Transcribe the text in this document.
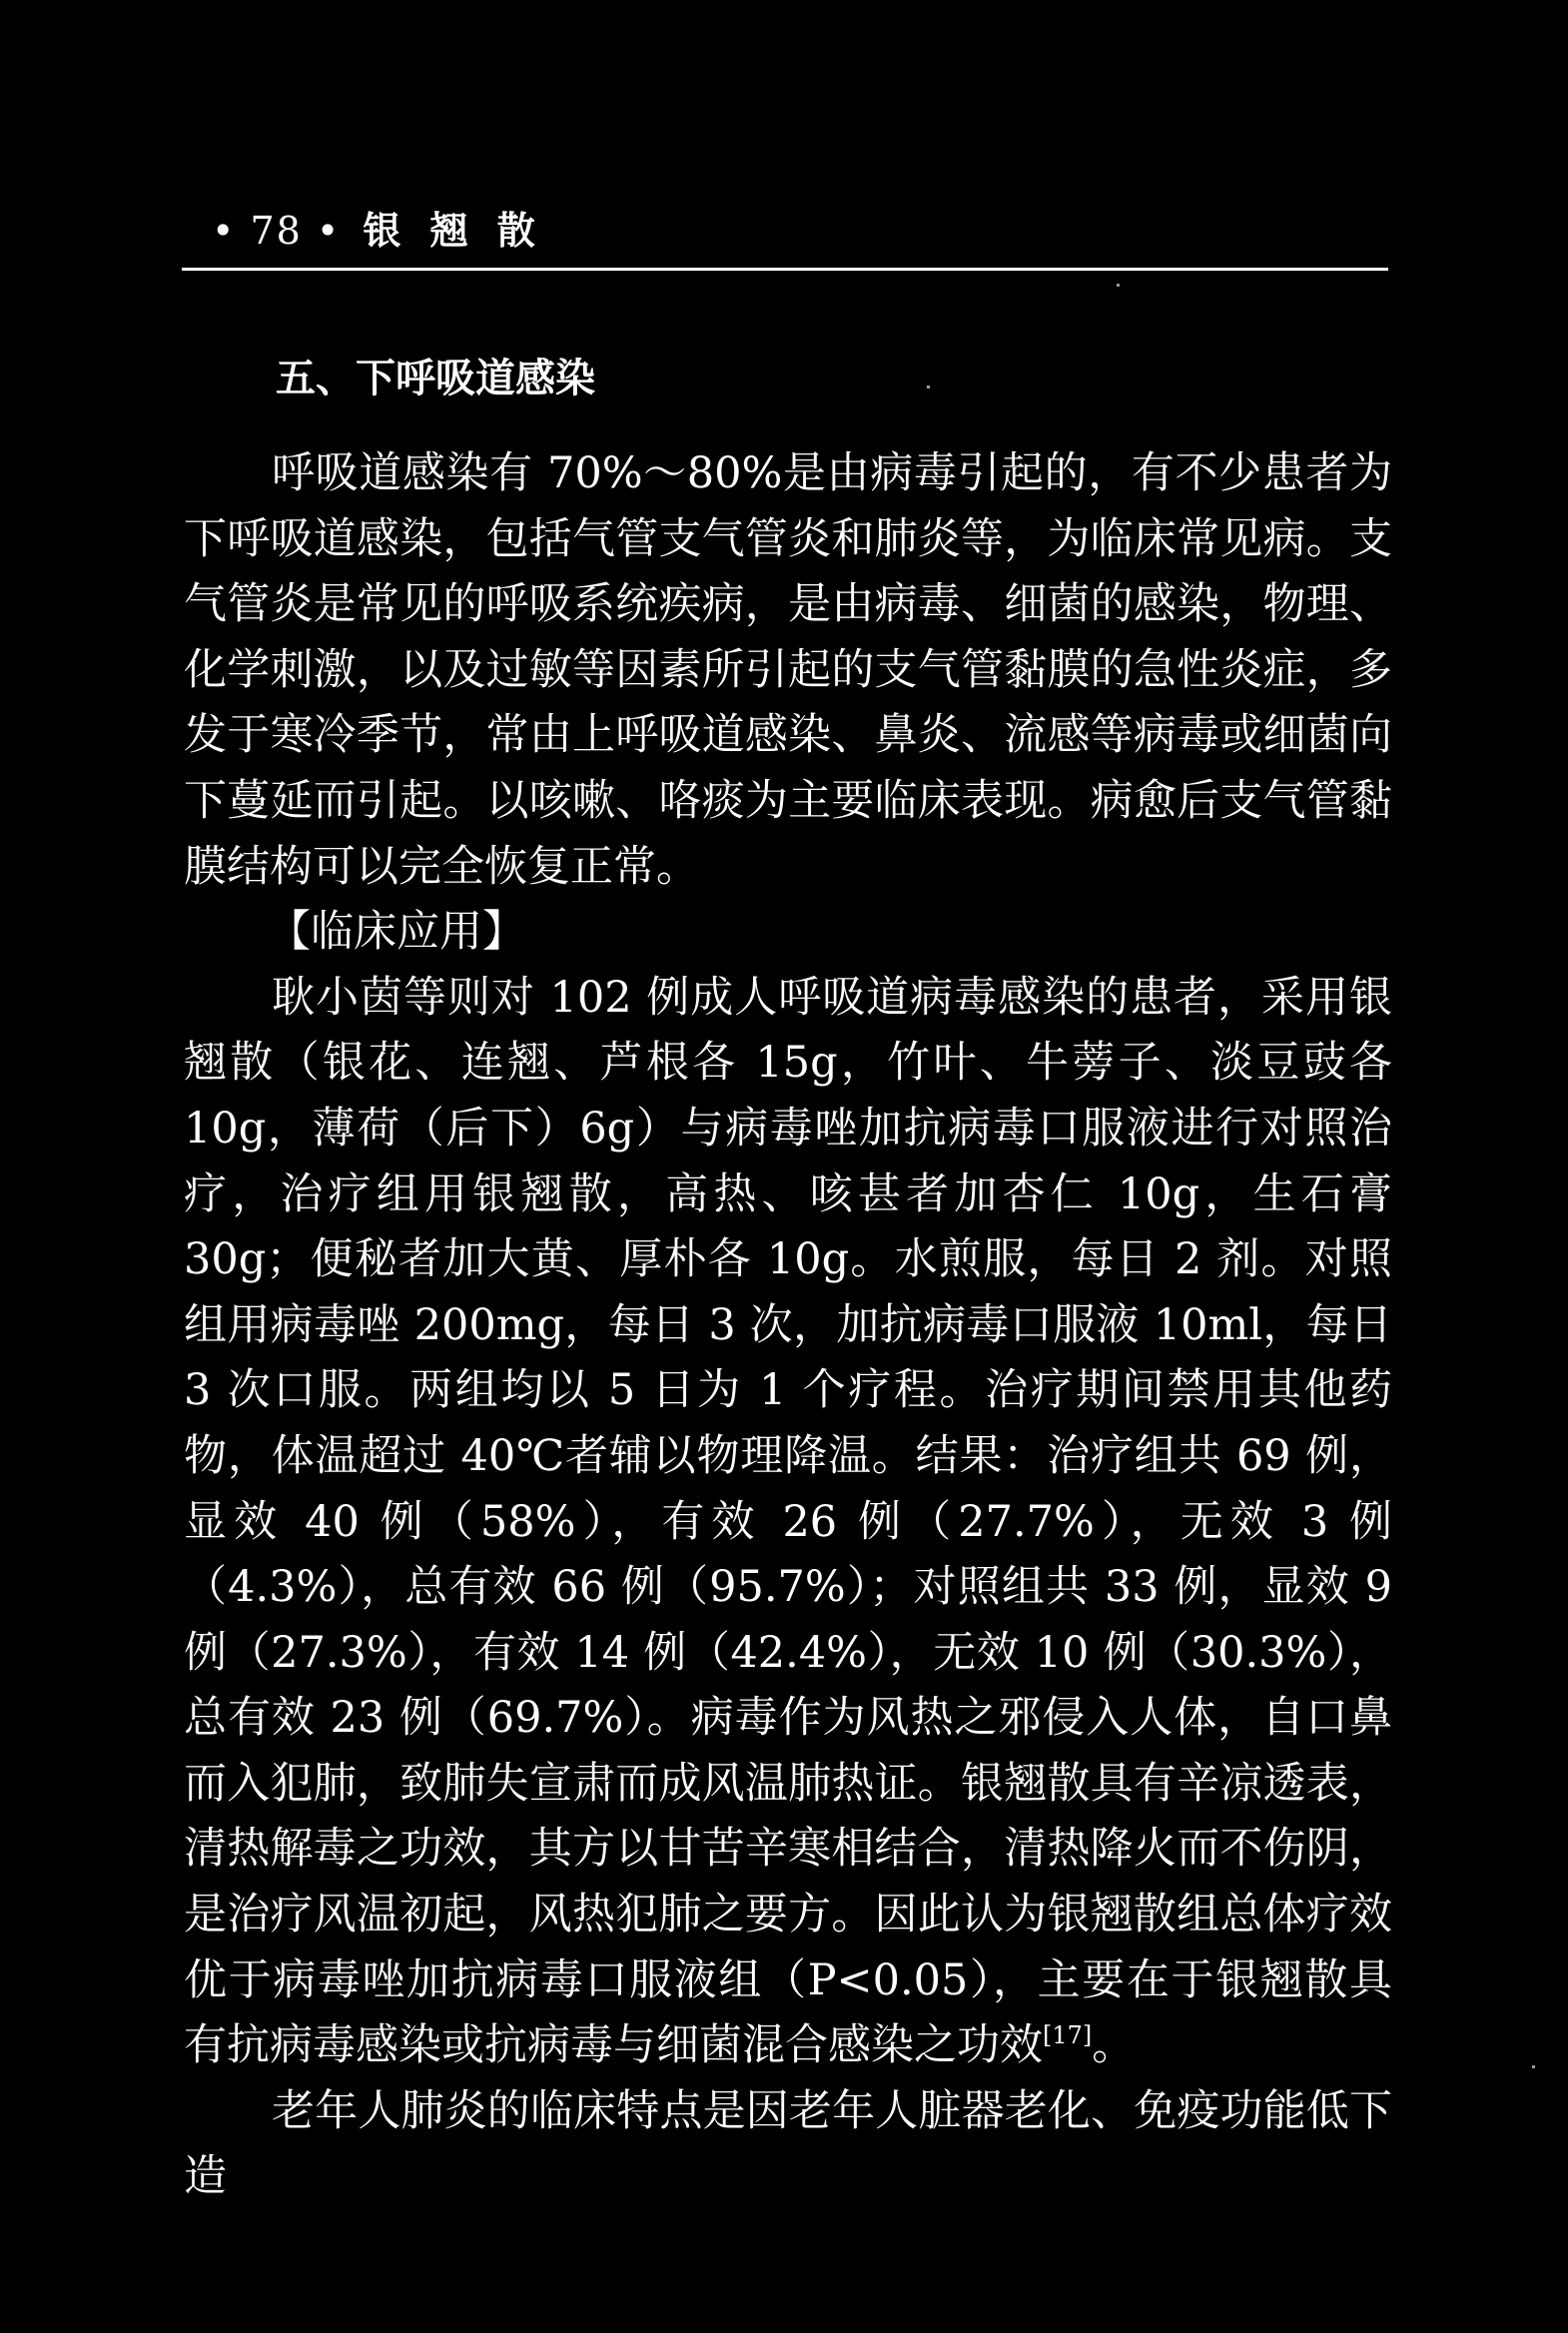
• 78 • 银 翘 散
五、下呼吸道感染

呼吸道感染有 70%～80%是由病毒引起的，有不少患者为下呼吸道感染，包括气管支气管炎和肺炎等，为临床常见病。支气管炎是常见的呼吸系统疾病，是由病毒、细菌的感染，物理、化学刺激，以及过敏等因素所引起的支气管黏膜的急性炎症，多发于寒冷季节，常由上呼吸道感染、鼻炎、流感等病毒或细菌向下蔓延而引起。以咳嗽、咯痰为主要临床表现。病愈后支气管黏膜结构可以完全恢复正常。

【临床应用】

耿小茵等则对 102 例成人呼吸道病毒感染的患者，采用银翘散（银花、连翘、芦根各 15g，竹叶、牛蒡子、淡豆豉各 10g，薄荷（后下）6g）与病毒唑加抗病毒口服液进行对照治疗，治疗组用银翘散，高热、咳甚者加杏仁 10g，生石膏 30g；便秘者加大黄、厚朴各 10g。水煎服，每日 2 剂。对照组用病毒唑 200mg，每日 3 次，加抗病毒口服液 10ml，每日 3 次口服。两组均以 5 日为 1 个疗程。治疗期间禁用其他药物，体温超过 40℃者辅以物理降温。结果：治疗组共 69 例，显效 40 例（58%），有效 26 例（27.7%），无效 3 例（4.3%），总有效 66 例（95.7%）；对照组共 33 例，显效 9 例（27.3%），有效 14 例（42.4%），无效 10 例（30.3%），总有效 23 例（69.7%）。病毒作为风热之邪侵入人体，自口鼻而入犯肺，致肺失宣肃而成风温肺热证。银翘散具有辛凉透表，清热解毒之功效，其方以甘苦辛寒相结合，清热降火而不伤阴，是治疗风温初起，风热犯肺之要方。因此认为银翘散组总体疗效优于病毒唑加抗病毒口服液组（P<0.05），主要在于银翘散具有抗病毒感染或抗病毒与细菌混合感染之功效[17]。

老年人肺炎的临床特点是因老年人脏器老化、免疫功能低下造
